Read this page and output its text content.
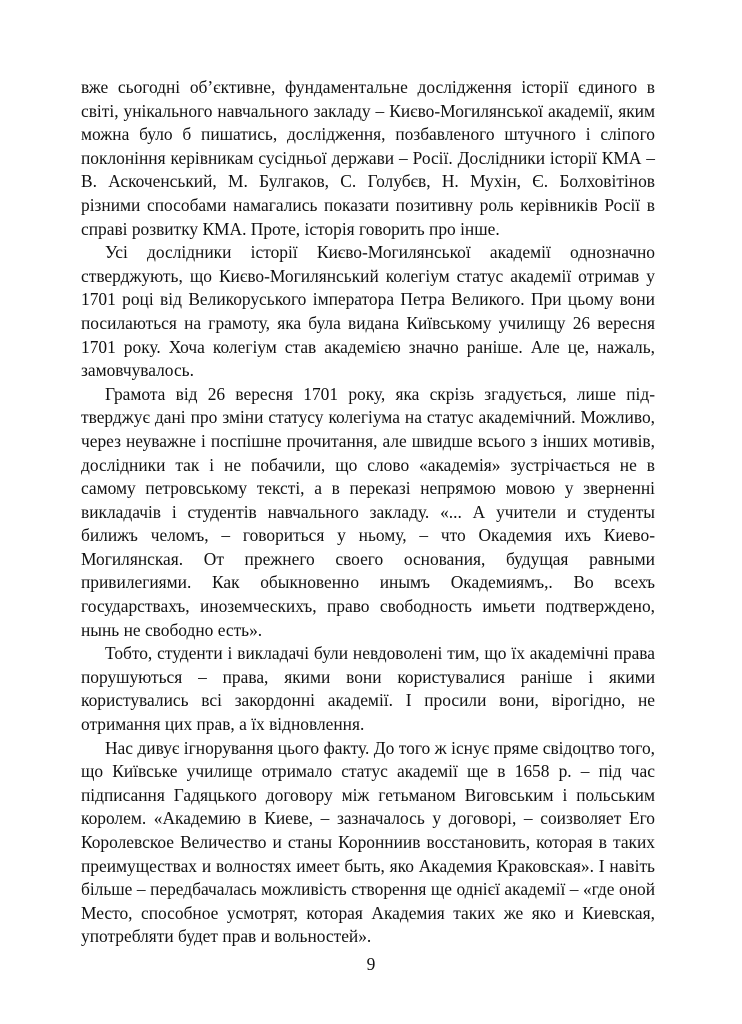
вже сьогодні об’єктивне, фундаментальне дослідження історії єдиного в світі, унікального навчального закладу – Києво-Могилянської академії, яким можна було б пишатись, дослідження, позбавленого штучного і сліпого поклоніння керівникам сусідньої держави – Росії. Дослідники історії КМА – В. Аскоченський, М. Булгаков, С. Голубєв, Н. Мухін, Є. Болховітінов різними способами намагались показати позитивну роль керівників Росії в справі розвитку КМА. Проте, історія говорить про інше.

Усі дослідники історії Києво-Могилянської академії однозначно стверджують, що Києво-Могилянський колегіум статус академії отримав у 1701 році від Великоруського імператора Петра Великого. При цьому вони посилаються на грамоту, яка була видана Київському училищу 26 вересня 1701 року. Хоча колегіум став академією значно раніше. Але це, нажаль, замовчувалось.

Грамота від 26 вересня 1701 року, яка скрізь згадується, лише підтверджує дані про зміни статусу колегіума на статус академічний. Можливо, через неуважне і поспішне прочитання, але швидше всього з інших мотивів, дослідники так і не побачили, що слово «академія» зустрічається не в самому петровському тексті, а в переказі непрямою мовою у зверненні викладачів і студентів навчального закладу. «... А учители и студенты билижъ челомъ, – говориться у ньому, – что Окадемия ихъ Киево-Могилянская. От прежнего своего основания, будущая равными привилегиями. Как обыкновенно инымъ Окадемиямъ,. Во всехъ государствахъ, иноземческихъ, право свободность имьети подтверждено, нынь не свободно есть».

Тобто, студенти і викладачі були невдоволені тим, що їх академічні права порушуються – права, якими вони користувалися раніше і якими користувались всі закордонні академії. І просили вони, вірогідно, не отримання цих прав, а їх відновлення.

Нас дивує ігнорування цього факту. До того ж існує пряме свідоцтво того, що Київське училище отримало статус академії ще в 1658 р. – під час підписання Гадяцького договору між гетьманом Виговським і польським королем. «Академию в Киеве, – зазначалось у договорі, – соизволяет Его Королевское Величество и станы Коронниив восстановить, которая в таких преимуществах и волностях имеет быть, яко Академия Краковская». І навіть більше – передбачалась можливість створення ще однієї академії – «где оной Место, способное усмотрят, которая Академия таких же яко и Киевская, употребляти будет прав и вольностей».

9
